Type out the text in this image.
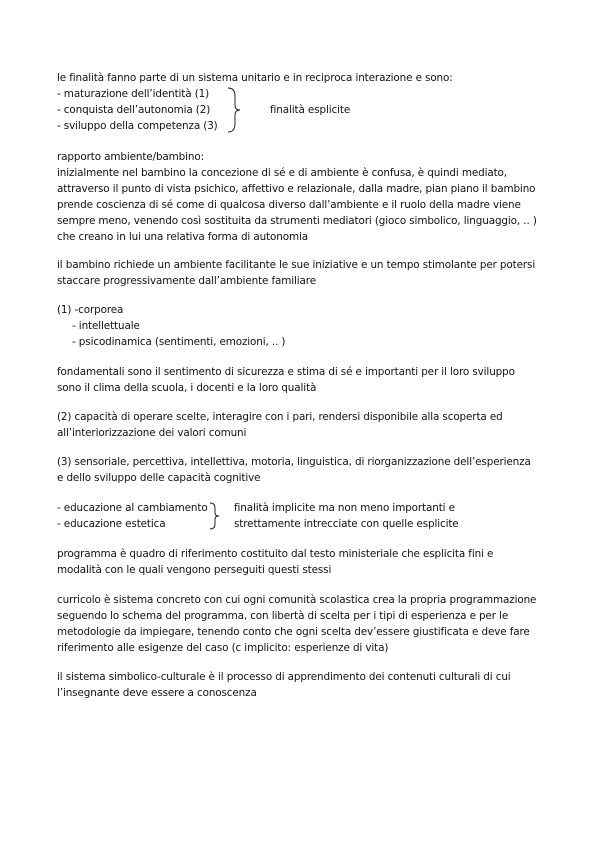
le finalità fanno parte di un sistema unitario e in reciproca interazione e sono:
- maturazione dell’identità (1)
- conquista dell’autonomia (2)
- sviluppo della competenza (3)
finalità esplicite
rapporto ambiente/bambino:
inizialmente nel bambino la concezione di sé e di ambiente è confusa, è quindi mediato,
attraverso il punto di vista psichico, affettivo e relazionale, dalla madre, pian piano il bambino
prende coscienza di sé come di qualcosa diverso dall’ambiente e il ruolo della madre viene
sempre meno, venendo così sostituita da strumenti mediatori (gioco simbolico, linguaggio, .. )
che creano in lui una relativa forma di autonomia
il bambino richiede un ambiente facilitante le sue iniziative e un tempo stimolante per potersi
staccare progressivamente dall’ambiente familiare
(1) -corporea
- intellettuale
- psicodinamica (sentimenti, emozioni, .. )
fondamentali sono il sentimento di sicurezza e stima di sé e importanti per il loro sviluppo
sono il clima della scuola, i docenti e la loro qualità
(2) capacità di operare scelte, interagire con i pari, rendersi disponibile alla scoperta ed
all’interiorizzazione dei valori comuni
(3) sensoriale, percettiva, intellettiva, motoria, linguistica, di riorganizzazione dell’esperienza
e dello sviluppo delle capacità cognitive
- educazione al cambiamento
- educazione estetica
finalità implicite ma non meno importanti e
strettamente intrecciate con quelle esplicite
programma è quadro di riferimento costituito dal testo ministeriale che esplicita fini e
modalità con le quali vengono perseguiti questi stessi
curricolo è sistema concreto con cui ogni comunità scolastica crea la propria programmazione
seguendo lo schema del programma, con libertà di scelta per i tipi di esperienza e per le
metodologie da impiegare, tenendo conto che ogni scelta dev’essere giustificata e deve fare
riferimento alle esigenze del caso (c implicito: esperienze di vita)
il sistema simbolico-culturale è il processo di apprendimento dei contenuti culturali di cui
l’insegnante deve essere a conoscenza
